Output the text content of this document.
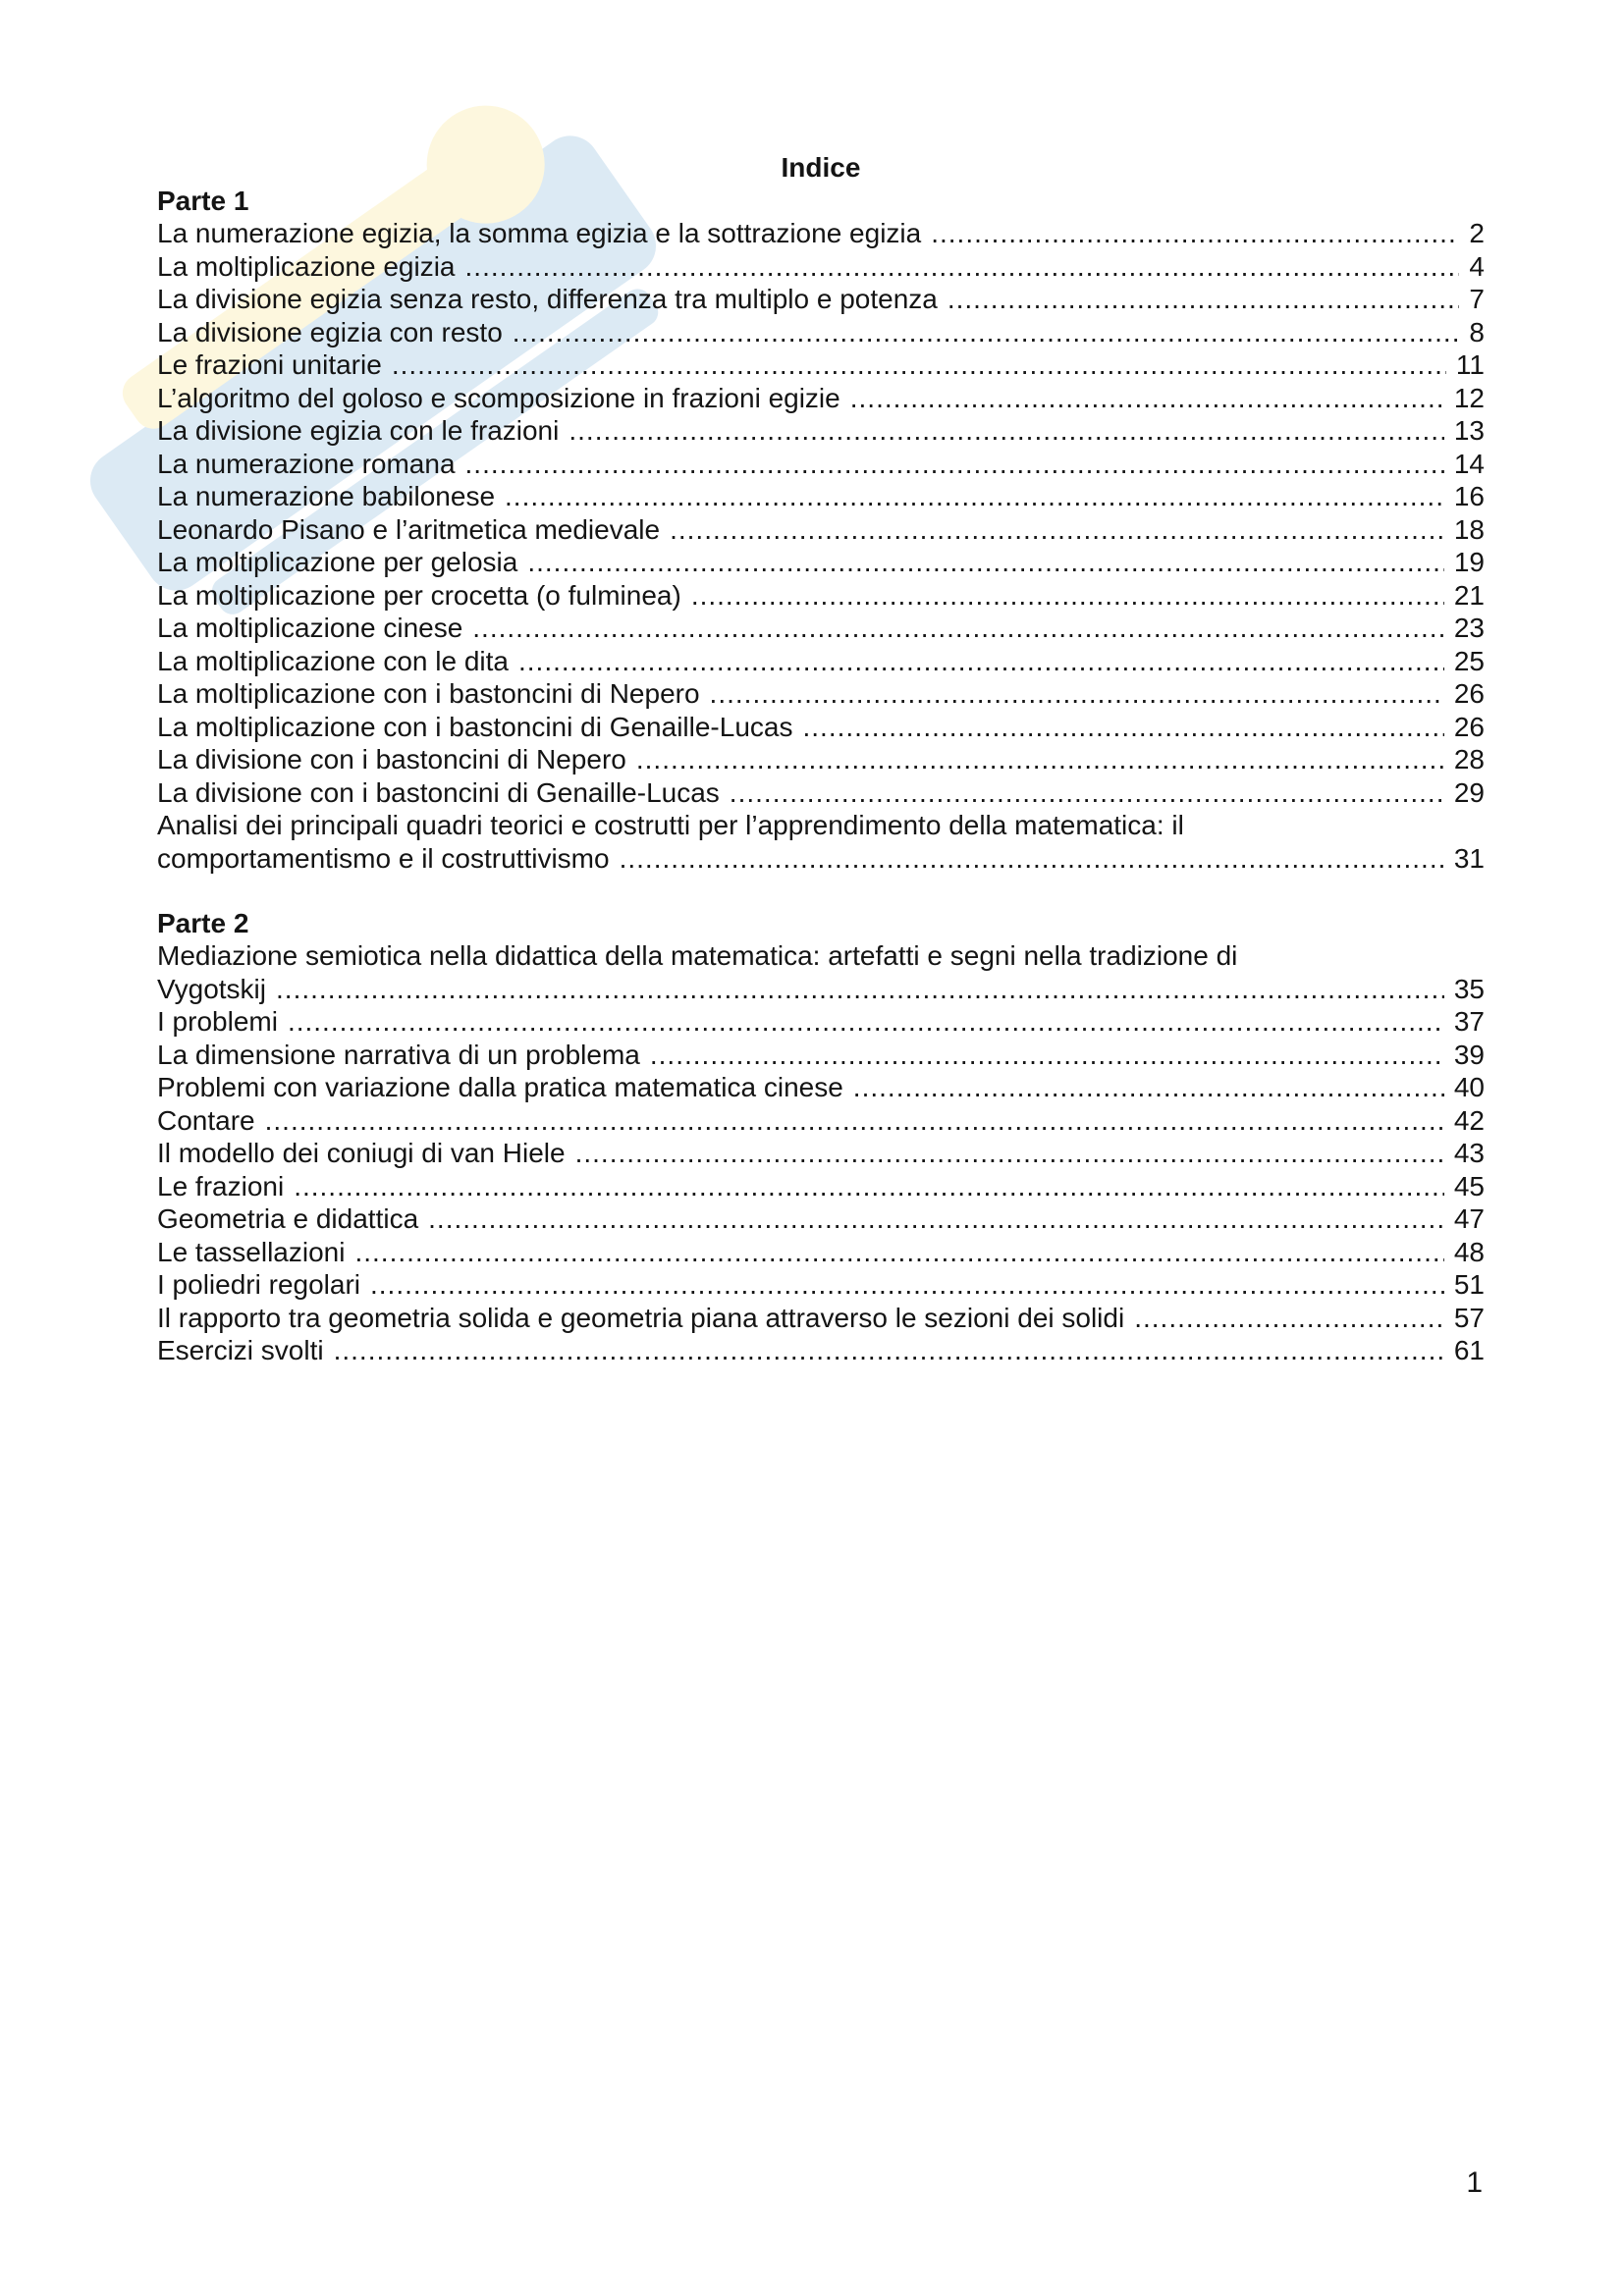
Indice
Parte 1
La numerazione egizia, la somma egizia e la sottrazione egizia .....	2
La moltiplicazione egizia .....	4
La divisione egizia senza resto, differenza tra multiplo e potenza .....	7
La divisione egizia con resto .....	8
Le frazioni unitarie .....	11
L’algoritmo del goloso e scomposizione in frazioni egizie .....	12
La divisione egizia con le frazioni .....	13
La numerazione romana .....	14
La numerazione babilonese .....	16
Leonardo Pisano e l’aritmetica medievale .....	18
La moltiplicazione per gelosia .....	19
La moltiplicazione per crocetta (o fulminea) .....	21
La moltiplicazione cinese .....	23
La moltiplicazione con le dita .....	25
La moltiplicazione con i bastoncini di Nepero .....	26
La moltiplicazione con i bastoncini di Genaille-Lucas .....	26
La divisione con i bastoncini di Nepero .....	28
La divisione con i bastoncini di Genaille-Lucas .....	29
Analisi dei principali quadri teorici e costrutti per l’apprendimento della matematica: il
comportamentismo e il costruttivismo .....	31
Parte 2
Mediazione semiotica nella didattica della matematica: artefatti e segni nella tradizione di
Vygotskij .....	35
I problemi .....	37
La dimensione narrativa di un problema .....	39
Problemi con variazione dalla pratica matematica cinese .....	40
Contare .....	42
Il modello dei coniugi di van Hiele .....	43
Le frazioni .....	45
Geometria e didattica .....	47
Le tassellazioni .....	48
I poliedri regolari .....	51
Il rapporto tra geometria solida e geometria piana attraverso le sezioni dei solidi .....	57
Esercizi svolti .....	61
1
